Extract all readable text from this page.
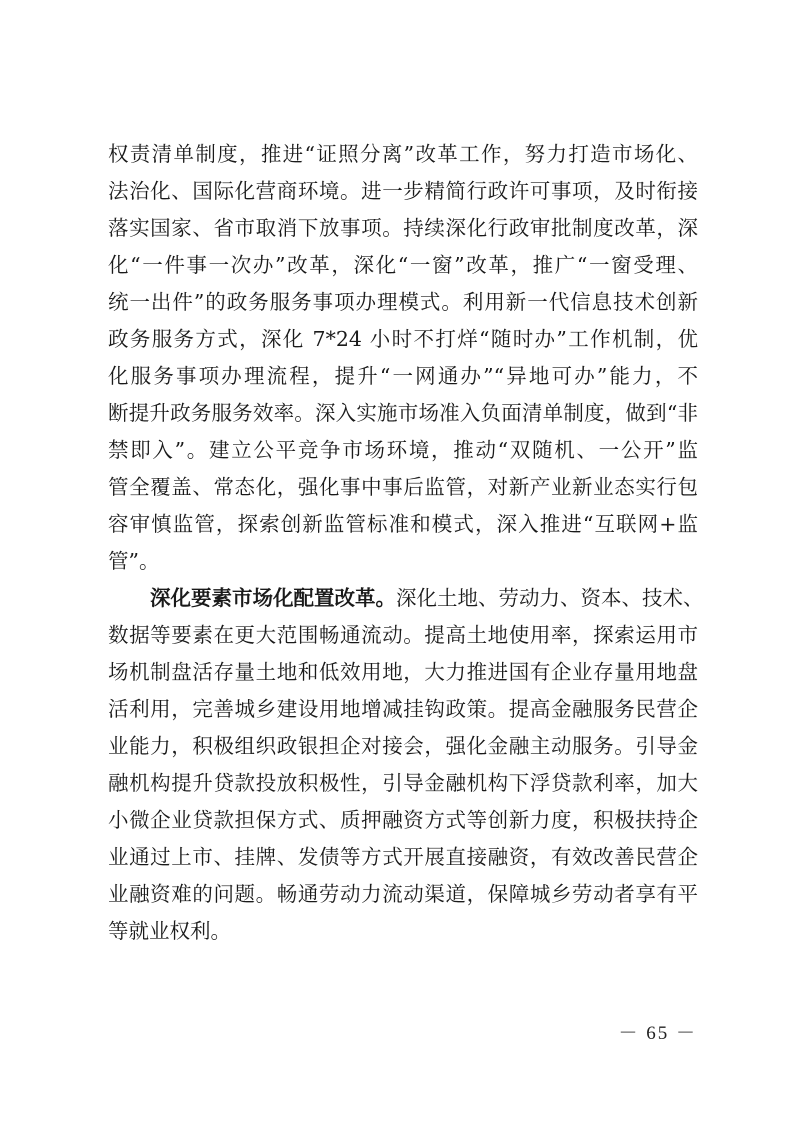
权责清单制度，推进“证照分离”改革工作，努力打造市场化、
法治化、国际化营商环境。进一步精简行政许可事项，及时衔接
落实国家、省市取消下放事项。持续深化行政审批制度改革，深
化“一件事一次办”改革，深化“一窗”改革，推广“一窗受理、
统一出件”的政务服务事项办理模式。利用新一代信息技术创新
政务服务方式，深化 7*24 小时不打烊“随时办”工作机制，优
化服务事项办理流程，提升“一网通办”“异地可办”能力，不
断提升政务服务效率。深入实施市场准入负面清单制度，做到“非
禁即入”。建立公平竞争市场环境，推动“双随机、一公开”监
管全覆盖、常态化，强化事中事后监管，对新产业新业态实行包
容审慎监管，探索创新监管标准和模式，深入推进“互联网+监
管”。
深化要素市场化配置改革。深化土地、劳动力、资本、技术、
数据等要素在更大范围畅通流动。提高土地使用率，探索运用市
场机制盘活存量土地和低效用地，大力推进国有企业存量用地盘
活利用，完善城乡建设用地增减挂钩政策。提高金融服务民营企
业能力，积极组织政银担企对接会，强化金融主动服务。引导金
融机构提升贷款投放积极性，引导金融机构下浮贷款利率，加大
小微企业贷款担保方式、质押融资方式等创新力度，积极扶持企
业通过上市、挂牌、发债等方式开展直接融资，有效改善民营企
业融资难的问题。畅通劳动力流动渠道，保障城乡劳动者享有平
等就业权利。
－ 65 －
